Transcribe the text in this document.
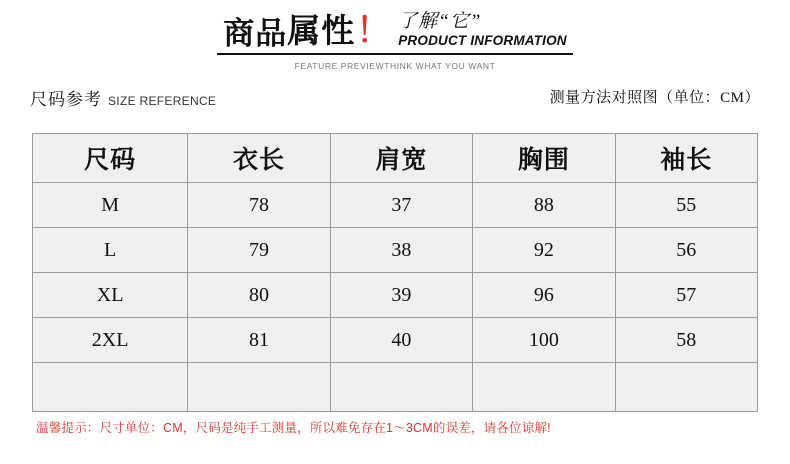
商品 属性 ！ 了解“它”
PRODUCT INFORMATION
FEATURE PREVIEWTHINK WHAT YOU WANT
尺码参考 SIZE REFERENCE	测量方法对照图（单位：CM）
尺码	衣长	肩宽	胸围	袖长
M	78	37	88	55
L	79	38	92	56
XL	80	39	96	57
2XL	81	40	100	58

温馨提示：尺寸单位：CM，尺码是纯手工测量，所以难免存在1～3CM的误差，请各位谅解!
